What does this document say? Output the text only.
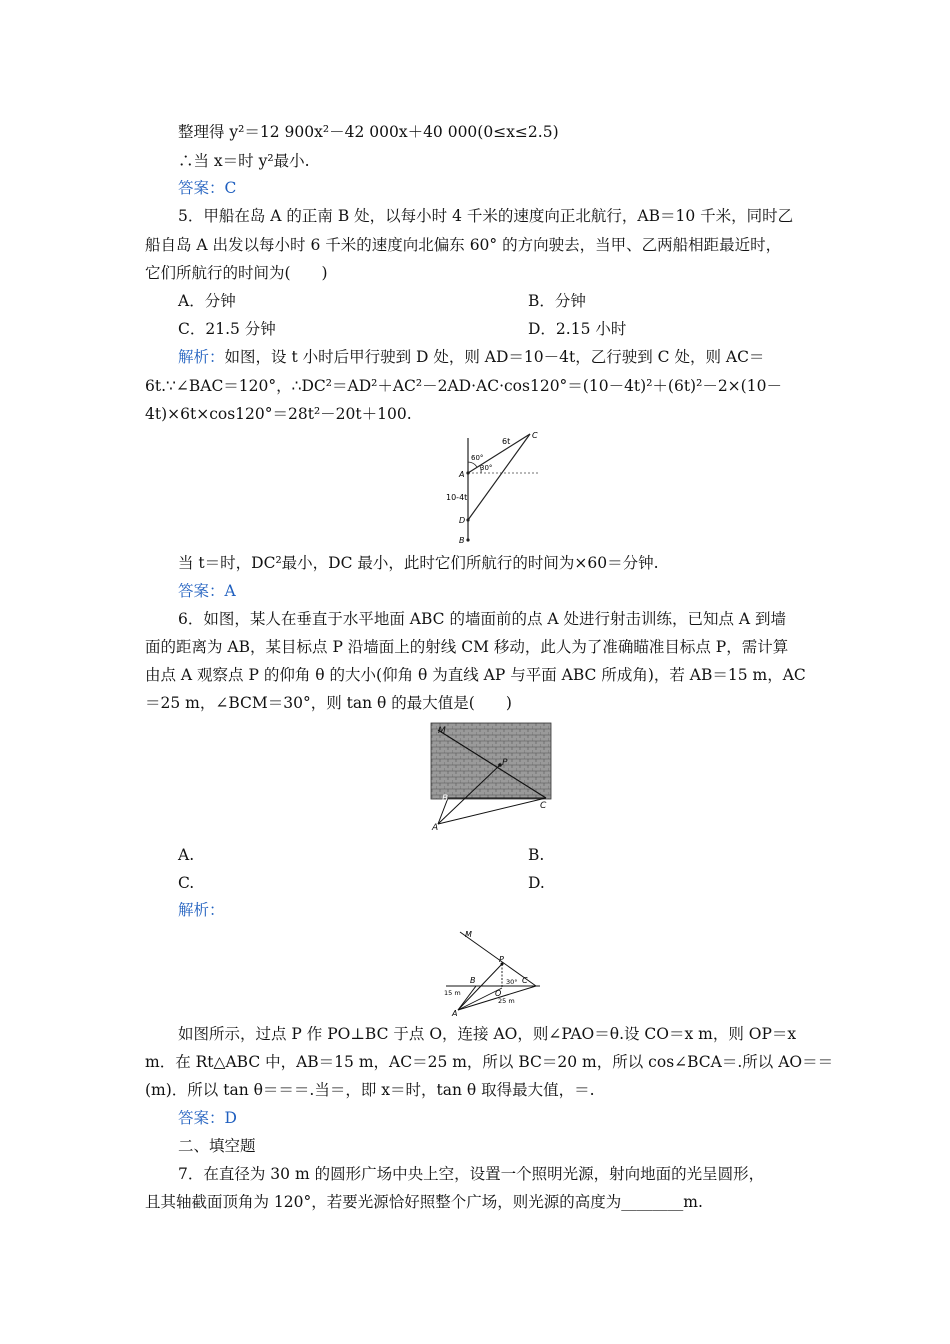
整理得 y²＝12 900x²－42 000x＋40 000(0≤x≤2.5)
∴当 x＝时 y²最小.
答案：C
5．甲船在岛 A 的正南 B 处，以每小时 4 千米的速度向正北航行，AB＝10 千米，同时乙
船自岛 A 出发以每小时 6 千米的速度向北偏东 60° 的方向驶去，当甲、乙两船相距最近时，
它们所航行的时间为(　　)
A．分钟	B．分钟
C．21.5 分钟	D．2.15 小时
解析：如图，设 t 小时后甲行驶到 D 处，则 AD＝10－4t，乙行驶到 C 处，则 AC＝
6t.∵∠BAC＝120°，∴DC²＝AD²＋AC²－2AD·AC·cos120°＝(10－4t)²＋(6t)²－2×(10－
4t)×6t×cos120°＝28t²－20t＋100.
C
6t
60°
30°
A
10-4t
D
B
当 t＝时，DC²最小，DC 最小，此时它们所航行的时间为×60＝分钟.
答案：A
6．如图，某人在垂直于水平地面 ABC 的墙面前的点 A 处进行射击训练，已知点 A 到墙
面的距离为 AB，某目标点 P 沿墙面上的射线 CM 移动，此人为了准确瞄准目标点 P，需计算
由点 A 观察点 P 的仰角 θ 的大小(仰角 θ 为直线 AP 与平面 ABC 所成角)，若 AB＝15 m，AC
＝25 m，∠BCM＝30°，则 tan θ 的最大值是(　　)
M
P
B
C
A
A.	B.
C.	D.
解析：
M
P
30° C
B
O
15 m
25 m
A
如图所示，过点 P 作 PO⊥BC 于点 O，连接 AO，则∠PAO＝θ.设 CO＝x m，则 OP＝x
m．在 Rt△ABC 中，AB＝15 m，AC＝25 m，所以 BC＝20 m，所以 cos∠BCA＝.所以 AO＝＝
(m)．所以 tan θ＝＝＝.当＝，即 x＝时，tan θ 取得最大值，＝.
答案：D
二、填空题
7．在直径为 30 m 的圆形广场中央上空，设置一个照明光源，射向地面的光呈圆形，
且其轴截面顶角为 120°，若要光源恰好照整个广场，则光源的高度为________m.
